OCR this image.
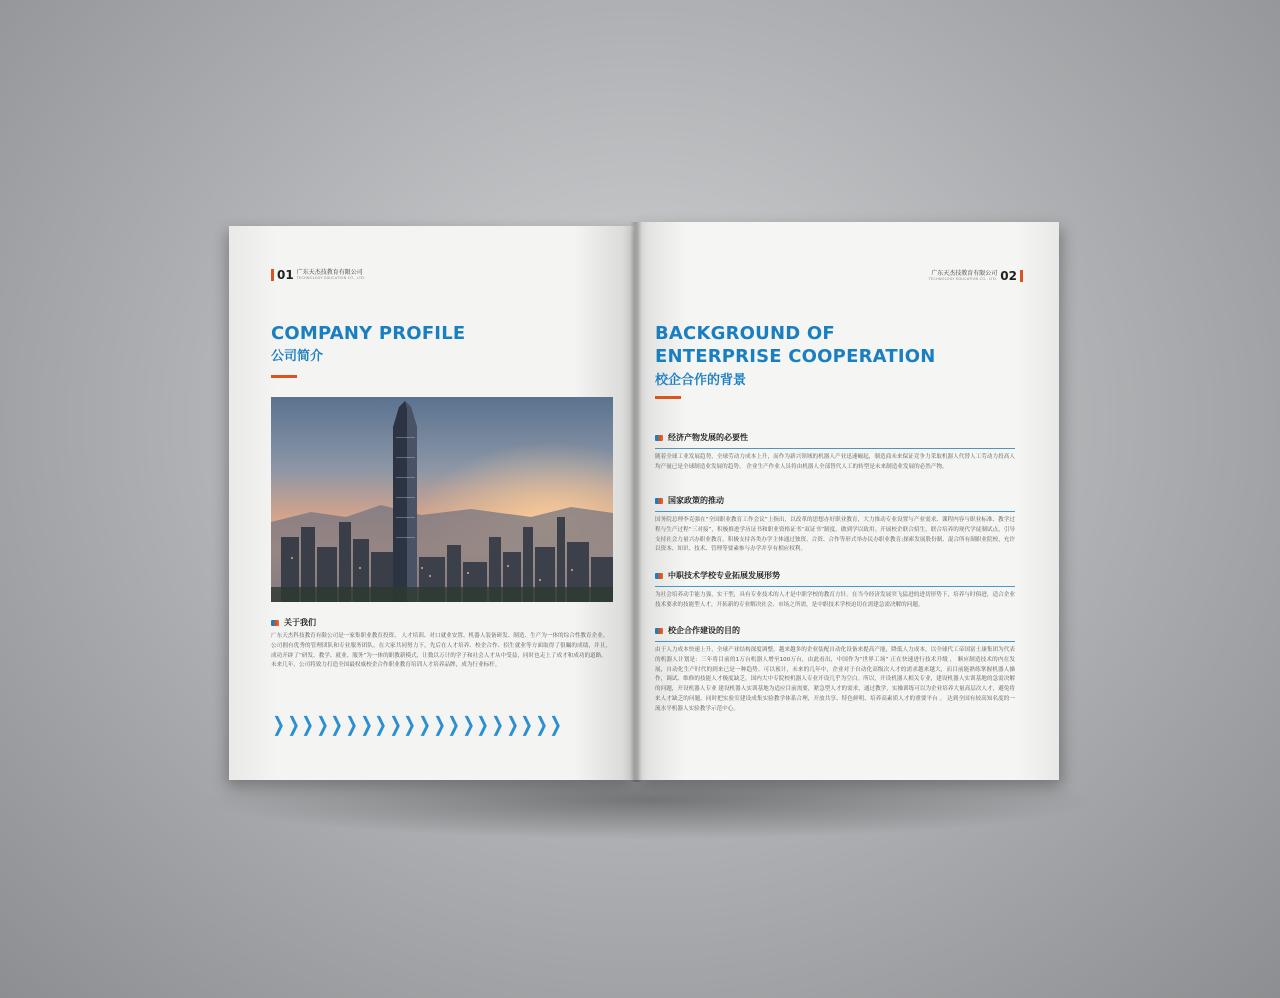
01 广东天杰技教育有限公司
TECHNOLOGY EDUCATION CO., LTD.
COMPANY PROFILE
公司简介
关于我们
广东天杰科技教育有限公司是一家集职业教育投资、 人才培训、对口就业安置、机器人装备研发、制造、生产为一体的综合性教育企业。
公司拥有优秀的管理团队和专业服务团队。在大家共同努力下，先后在人才培养、校企合作、招生就业等方面取得了很瞩的成绩，并且，成功开辟了“研发、教学、就业、服务”为一体的职教新模式，让数以万计的学子和社会人才从中受益，同时也走上了成才和成功的道路。
未来几年，公司将致力打造全国最权威校企合作职业教育培训人才培养品牌，成为行业标杆。
❯ ❯ ❯ ❯ ❯ ❯ ❯ ❯ ❯ ❯ ❯ ❯ ❯ ❯ ❯ ❯ ❯ ❯ ❯ ❯
广东天杰技教育有限公司
TECHNOLOGY EDUCATION CO., LTD. 02
BACKGROUND OF
ENTERPRISE COOPERATION
校企合作的背景
经济产物发展的必要性
随着全球工业发展趋势，全球劳动力成本上升，而作为新兴领域的机器人产业迅速崛起，制造商未来保证竞争力采取机器人代替人工劳动力投高人均产量已是全球制造业发展的趋势。 企业生产作业人员将由机器人全部替代人工的转型是未来制造业发展的必然产物。
国家政策的推动
国务院总理李克强在“全国职业教育工作会议”上指出，以改革的思想办好职业教育，大力推动专业设置与产业需求、课程内容与职业标准、教学过程与生产过程“三对接”，积极推进学历证书和职业资格证书“双证书”制度。做到学以致用。开展校企联合招生，联合培养的现代学徒制试点，引导支持社会力量兴办职业教育，积极支持各类办学主体通过独资、合资、合作等形式举办民办职业教育;探索发展股份制、混合所有制职业院校，允许以资本、知识、技术、管理等要素参与办学并享有相应权利。
中职技术学校专业拓展发展形势
为社会培养动手能力强，实干型，具有专业技术的人才是中职学校的教育方针。在当今经济发展突飞猛进的进切形势下，培养与时俱进，适合企业技术要求的技能型人才，开拓新的专业解决社会、市场之所需，是中职技术学校迫切在需建急需决解的问题。
校企合作建设的目的
由于人力成本快速上升，全球产业结构深度调整，越来越多的企业装配自动化设备来提高产能，降低人力成本，以全球代工帝国富士康集团为代表的机器人计划是：三年将目前的1万台机器人增至100万台，由此看出，中国作为“世界工场” 正在快速进行技术升级 ， 顺应制造技术的内在发展，自动化生产时代的到来已是一种趋势。可以预计，未来的几年中，企业对于自动化高级次人才的需求越来越大，而目前能熟练掌握机器人操作，调试、维修的技能人才极度缺乏，国内大中专院校机器人专业开设几乎为空白。所以，开设机器人相关专业，建设机器人实训基地的急需决解的问题，开设机器人专业 建设机器人实训基地为适应目前需要，紧急型人才的需求，通过教学，实操训练可以为企业培养大量高层次人才，避免将来人才缺乏的问题。同时把实验室建设成集实验教学体系合理，开放共享、特色鲜明、培养高素质人才的重要平台 。 达到全国有较高知名度的一流水平机器人实验教学示范中心。
